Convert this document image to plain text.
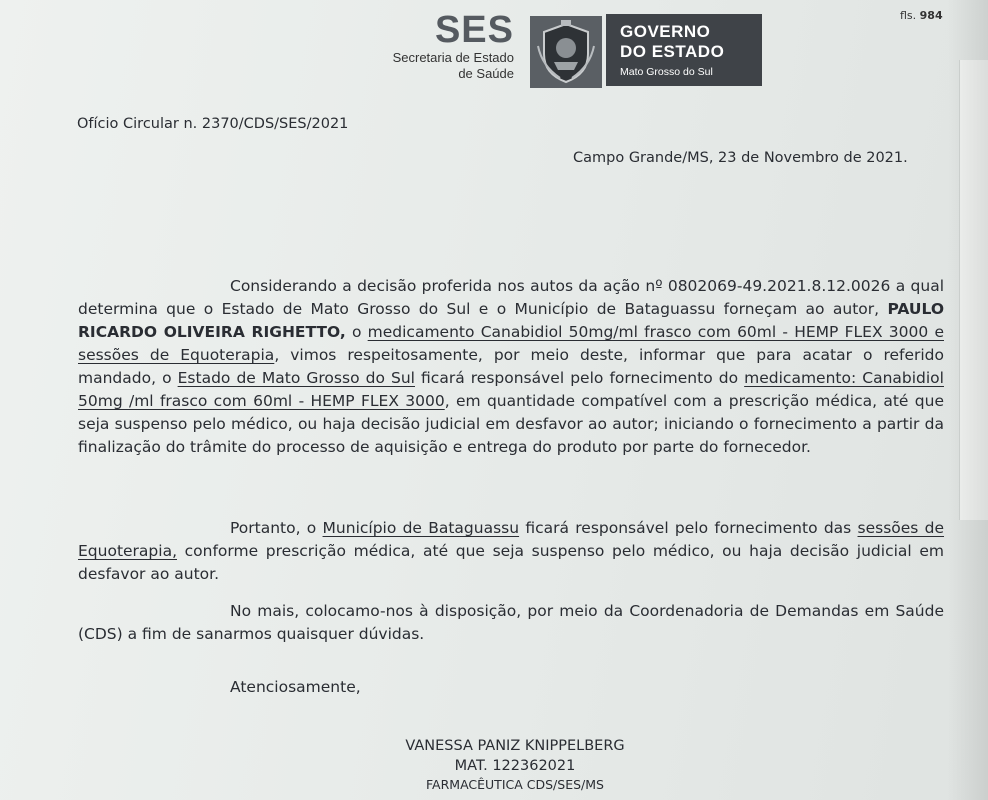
fls. 984
SES
Secretaria de Estado
de Saúde
GOVERNO
DO ESTADO
Mato Grosso do Sul
Ofício Circular n. 2370/CDS/SES/2021
Campo Grande/MS, 23 de Novembro de 2021.
Considerando a decisão proferida nos autos da ação nº 0802069-49.2021.8.12.0026 a qual determina que o Estado de Mato Grosso do Sul e o Município de Bataguassu forneçam ao autor, PAULO RICARDO OLIVEIRA RIGHETTO, o medicamento Canabidiol 50mg/ml frasco com 60ml - HEMP FLEX 3000 e sessões de Equoterapia, vimos respeitosamente, por meio deste, informar que para acatar o referido mandado, o Estado de Mato Grosso do Sul ficará responsável pelo fornecimento do medicamento: Canabidiol 50mg /ml frasco com 60ml - HEMP FLEX 3000, em quantidade compatível com a prescrição médica, até que seja suspenso pelo médico, ou haja decisão judicial em desfavor ao autor; iniciando o fornecimento a partir da finalização do trâmite do processo de aquisição e entrega do produto por parte do fornecedor.
Portanto, o Município de Bataguassu ficará responsável pelo fornecimento das sessões de Equoterapia, conforme prescrição médica, até que seja suspenso pelo médico, ou haja decisão judicial em desfavor ao autor.
No mais, colocamo-nos à disposição, por meio da Coordenadoria de Demandas em Saúde (CDS) a fim de sanarmos quaisquer dúvidas.
Atenciosamente,
VANESSA PANIZ KNIPPELBERG
MAT. 122362021
FARMACÊUTICA CDS/SES/MS
